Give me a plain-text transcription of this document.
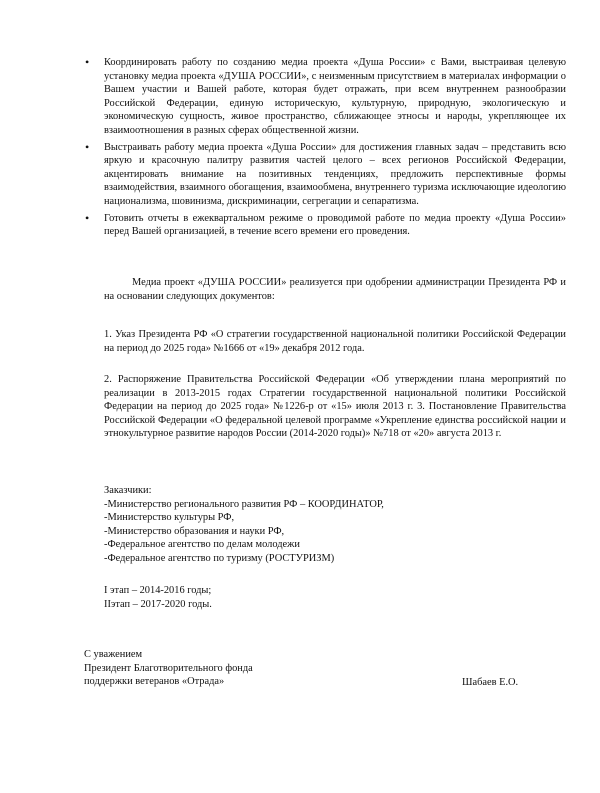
• Координировать работу по созданию медиа проекта «Душа России» с Вами, выстраивая целевую установку медиа проекта «ДУША РОССИИ», с неизменным присутствием в материалах информации о Вашем участии и Вашей работе, которая будет отражать, при всем внутреннем разнообразии Российской Федерации, единую историческую, культурную, природную, экологическую и экономическую сущность, живое пространство, сближающее этносы и народы, укрепляющее их взаимоотношения в разных сферах общественной жизни.
• Выстраивать работу медиа проекта «Душа России» для достижения главных задач – представить всю яркую и красочную палитру развития частей целого – всех регионов Российской Федерации, акцентировать внимание на позитивных тенденциях, предложить перспективные формы взаимодействия, взаимного обогащения, взаимообмена, внутреннего туризма исключающие идеологию национализма, шовинизма, дискриминации, сегрегации и сепаратизма.
• Готовить отчеты в ежеквартальном режиме о проводимой работе по медиа проекту «Душа России» перед Вашей организацией, в течение всего времени его проведения.

Медиа проект «ДУША РОССИИ» реализуется при одобрении администрации Президента РФ и на основании следующих документов:

1. Указ Президента РФ «О стратегии государственной национальной политики Российской Федерации на период до 2025 года» №1666 от «19» декабря 2012 года.

2. Распоряжение Правительства Российской Федерации «Об утверждении плана мероприятий по реализации в 2013-2015 годах Стратегии государственной национальной политики Российской Федерации на период до 2025 года» №1226-р от «15» июля 2013 г. 3. Постановление Правительства Российской Федерации «О федеральной целевой программе «Укрепление единства российской нации и этнокультурное развитие народов России (2014-2020 годы)» №718 от «20» августа 2013 г.

Заказчики:
-Министерство регионального развития РФ – КООРДИНАТОР,
-Министерство культуры РФ,
-Министерство образования и науки РФ,
-Федеральное агентство по делам молодежи
-Федеральное агентство по туризму (РОСТУРИЗМ)
I этап – 2014-2016 годы;
IIэтап – 2017-2020 годы.
С уважением
Президент Благотворительного фонда
поддержки ветеранов «Отрада»	Шабаев Е.О.
